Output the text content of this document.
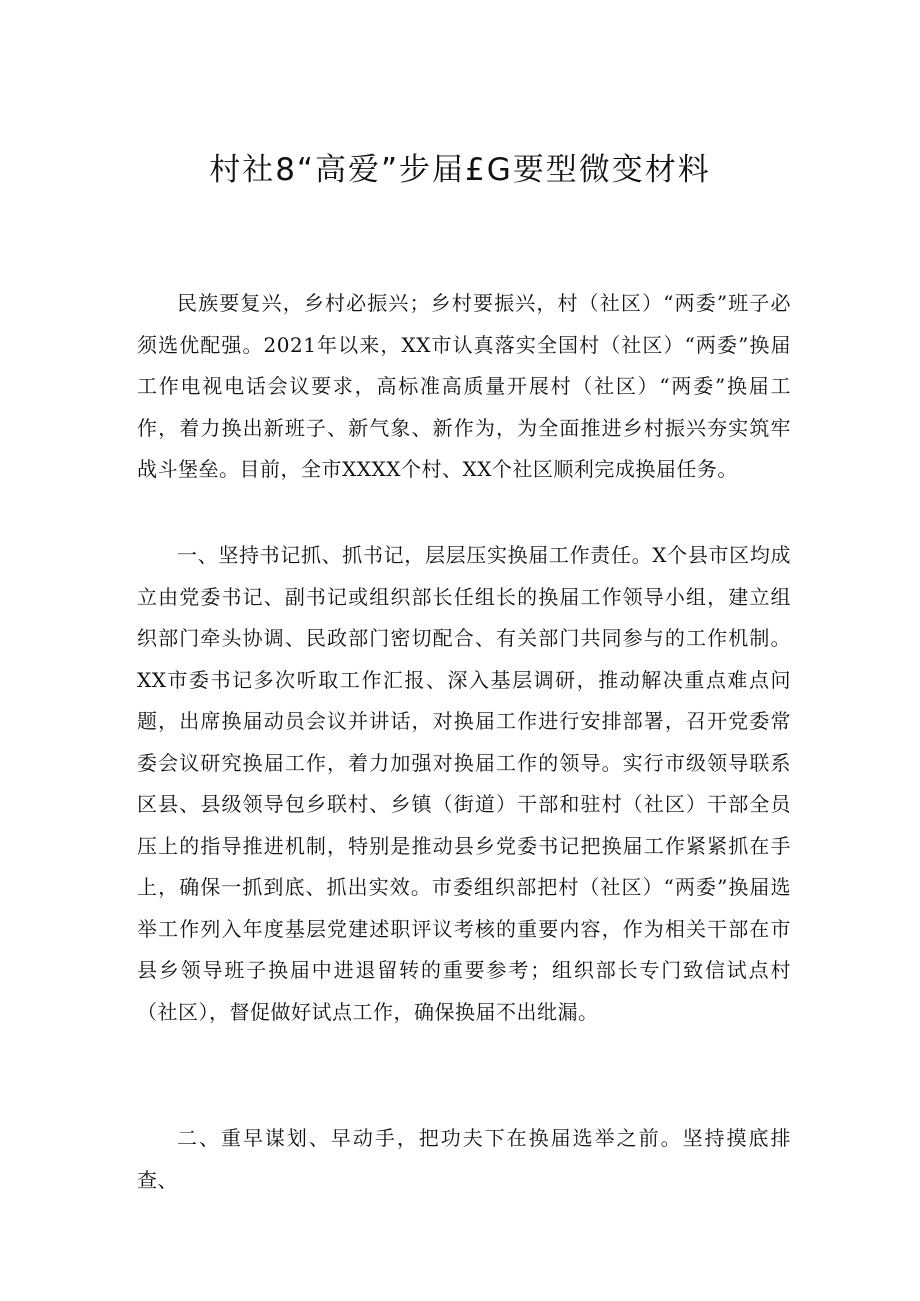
村社8“高爱”步届£G要型微变材料

民族要复兴，乡村必振兴；乡村要振兴，村（社区）“两委”班子必须选优配强。2021年以来，XX市认真落实全国村（社区）“两委”换届工作电视电话会议要求，高标准高质量开展村（社区）“两委”换届工作，着力换出新班子、新气象、新作为，为全面推进乡村振兴夯实筑牢战斗堡垒。目前，全市XXXX个村、XX个社区顺利完成换届任务。

一、坚持书记抓、抓书记，层层压实换届工作责任。X个县市区均成立由党委书记、副书记或组织部长任组长的换届工作领导小组，建立组织部门牵头协调、民政部门密切配合、有关部门共同参与的工作机制。XX市委书记多次听取工作汇报、深入基层调研，推动解决重点难点问题，出席换届动员会议并讲话，对换届工作进行安排部署，召开党委常委会议研究换届工作，着力加强对换届工作的领导。实行市级领导联系区县、县级领导包乡联村、乡镇（街道）干部和驻村（社区）干部全员压上的指导推进机制，特别是推动县乡党委书记把换届工作紧紧抓在手上，确保一抓到底、抓出实效。市委组织部把村（社区）“两委”换届选举工作列入年度基层党建述职评议考核的重要内容，作为相关干部在市县乡领导班子换届中进退留转的重要参考；组织部长专门致信试点村（社区），督促做好试点工作，确保换届不出纰漏。

二、重早谋划、早动手，把功夫下在换届选举之前。坚持摸底排查、
